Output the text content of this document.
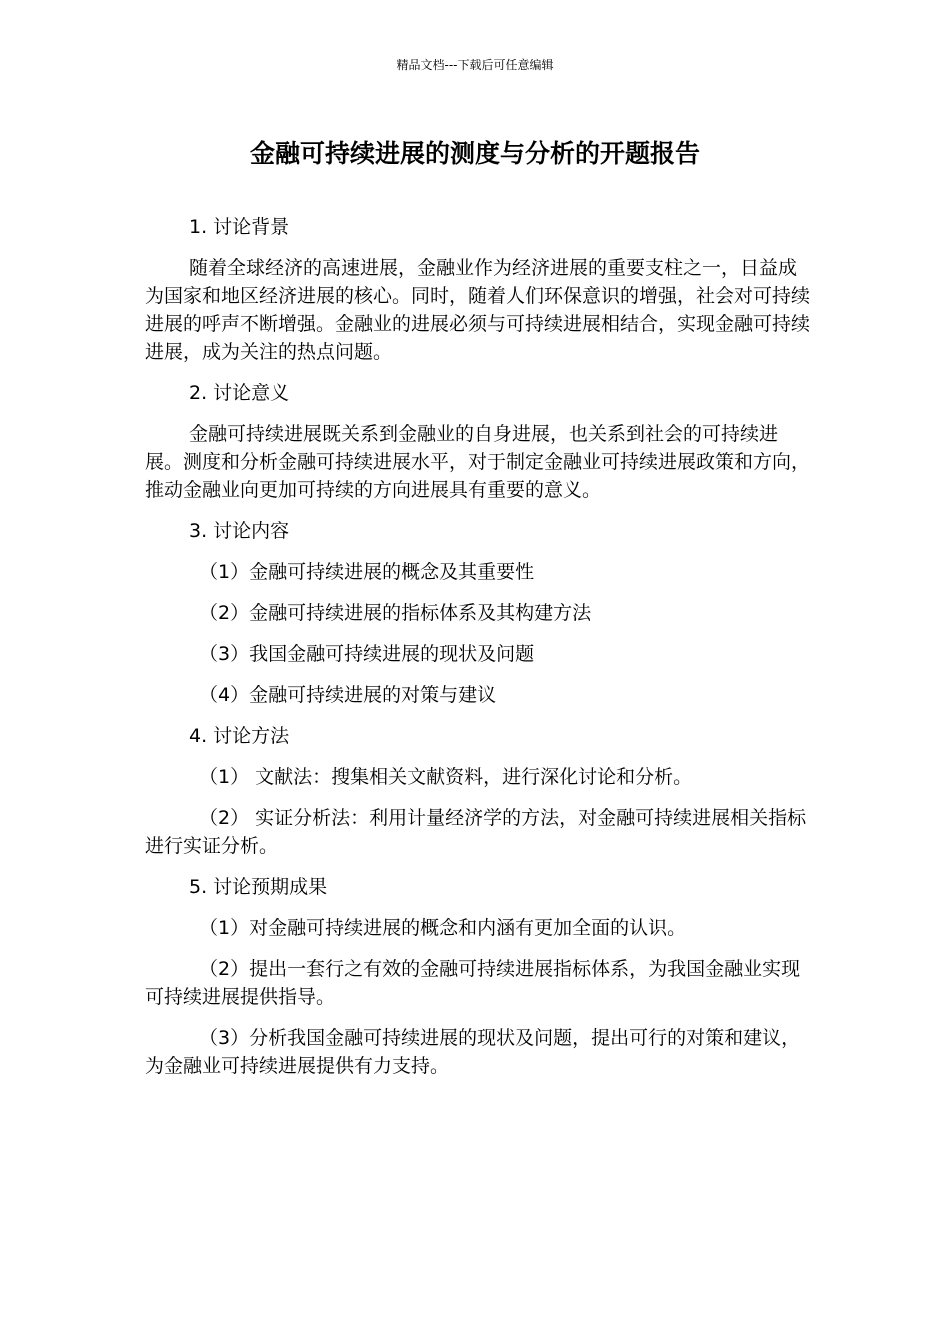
精品文档---下载后可任意编辑
金融可持续进展的测度与分析的开题报告

1. 讨论背景

随着全球经济的高速进展，金融业作为经济进展的重要支柱之一，日益成为国家和地区经济进展的核心。同时，随着人们环保意识的增强，社会对可持续进展的呼声不断增强。金融业的进展必须与可持续进展相结合，实现金融可持续进展，成为关注的热点问题。

2. 讨论意义

金融可持续进展既关系到金融业的自身进展，也关系到社会的可持续进展。测度和分析金融可持续进展水平，对于制定金融业可持续进展政策和方向，推动金融业向更加可持续的方向进展具有重要的意义。

3. 讨论内容

（1）金融可持续进展的概念及其重要性

（2）金融可持续进展的指标体系及其构建方法

（3）我国金融可持续进展的现状及问题

（4）金融可持续进展的对策与建议

4. 讨论方法

（1） 文献法：搜集相关文献资料，进行深化讨论和分析。

（2） 实证分析法：利用计量经济学的方法，对金融可持续进展相关指标进行实证分析。

5. 讨论预期成果

（1）对金融可持续进展的概念和内涵有更加全面的认识。

（2）提出一套行之有效的金融可持续进展指标体系，为我国金融业实现可持续进展提供指导。

（3）分析我国金融可持续进展的现状及问题，提出可行的对策和建议，为金融业可持续进展提供有力支持。
